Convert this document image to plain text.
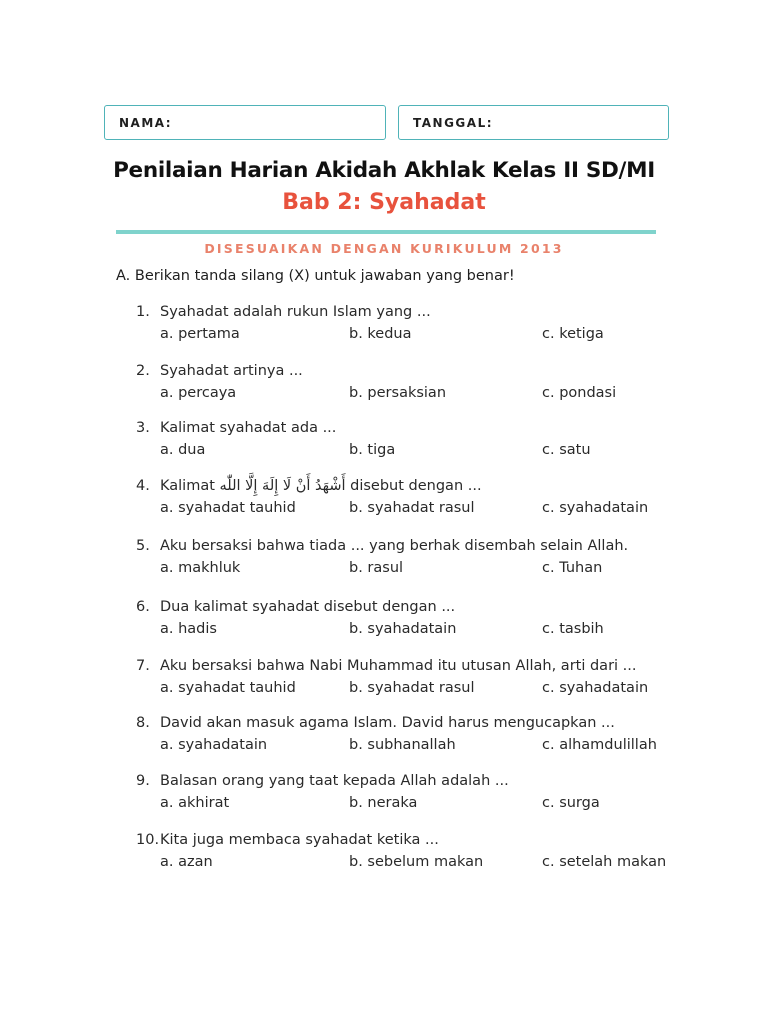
NAMA:	TANGGAL:
Penilaian Harian Akidah Akhlak Kelas II SD/MI
Bab 2: Syahadat
DISESUAIKAN DENGAN KURIKULUM 2013
A. Berikan tanda silang (X) untuk jawaban yang benar!
1. Syahadat adalah rukun Islam yang ...
a. pertama	b. kedua	c. ketiga
2. Syahadat artinya ...
a. percaya	b. persaksian	c. pondasi
3. Kalimat syahadat ada ...
a. dua	b. tiga	c. satu
4. Kalimat أَشْهَدُ أَنْ لَا إِلَهَ إِلَّا اللّٰه disebut dengan ...
a. syahadat tauhid	b. syahadat rasul	c. syahadatain
5. Aku bersaksi bahwa tiada ... yang berhak disembah selain Allah.
a. makhluk	b. rasul	c. Tuhan
6. Dua kalimat syahadat disebut dengan ...
a. hadis	b. syahadatain	c. tasbih
7. Aku bersaksi bahwa Nabi Muhammad itu utusan Allah, arti dari ...
a. syahadat tauhid	b. syahadat rasul	c. syahadatain
8. David akan masuk agama Islam. David harus mengucapkan ...
a. syahadatain	b. subhanallah	c. alhamdulillah
9. Balasan orang yang taat kepada Allah adalah ...
a. akhirat	b. neraka	c. surga
10.Kita juga membaca syahadat ketika ...
a. azan	b. sebelum makan	c. setelah makan
